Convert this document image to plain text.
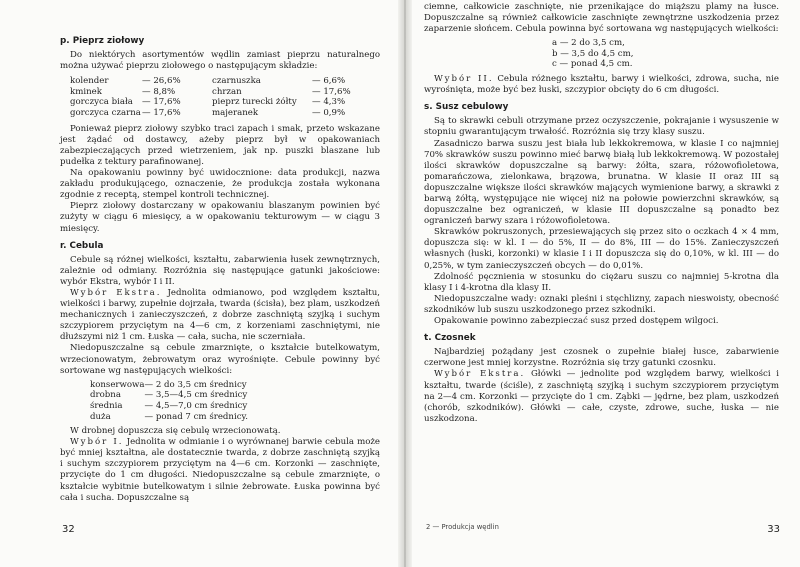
p. Pieprz ziołowy

Do niektórych asortymentów wędlin zamiast pieprzu naturalnego można używać pieprzu ziołowego o następującym składzie:

kolender	— 26,6%	czarnuszka	— 6,6%
kminek	— 8,8%	chrzan	— 17,6%
gorczyca biała	— 17,6%	pieprz turecki żółty	— 4,3%
gorczyca czarna	— 17,6%	majeranek	— 0,9%

Ponieważ pieprz ziołowy szybko traci zapach i smak, przeto wskazane jest żądać od dostawcy, ażeby pieprz był w opakowaniach zabezpieczających przed wietrzeniem, jak np. puszki blaszane lub pudełka z tektury parafinowanej.

Na opakowaniu powinny być uwidocznione: data produkcji, nazwa zakładu produkującego, oznaczenie, że produkcja została wykonana zgodnie z receptą, stempel kontroli technicznej.

Pieprz ziołowy dostarczany w opakowaniu blaszanym powinien być zużyty w ciągu 6 miesięcy, a w opakowaniu tekturowym — w ciągu 3 miesięcy.

r. Cebula

Cebule są różnej wielkości, kształtu, zabarwienia łusek zewnętrznych, zależnie od odmiany. Rozróżnia się następujące gatunki jakościowe: wybór Ekstra, wybór I i II.

Wybór Ekstra. Jednolita odmianowo, pod względem kształtu, wielkości i barwy, zupełnie dojrzała, twarda (ścisła), bez plam, uszkodzeń mechanicznych i zanieczyszczeń, z dobrze zaschniętą szyjką i suchym szczypiorem przyciętym na 4—6 cm, z korzeniami zaschniętymi, nie dłuższymi niż 1 cm. Łuska — cała, sucha, nie sczerniała.

Niedopuszczalne są cebule zmarznięte, o kształcie butelkowatym, wrzecionowatym, żebrowatym oraz wyrośnięte. Cebule powinny być sortowane wg następujących wielkości:

konserwowa	— 2 do 3,5 cm średnicy
drobna	— 3,5—4,5 cm średnicy
średnia	— 4,5—7,0 cm średnicy
duża	— ponad 7 cm średnicy.

W drobnej dopuszcza się cebulę wrzecionowatą.

Wybór I. Jednolita w odmianie i o wyrównanej barwie cebula może być mniej kształtna, ale dostatecznie twarda, z dobrze zaschniętą szyjką i suchym szczypiorem przyciętym na 4—6 cm. Korzonki — zaschnięte, przycięte do 1 cm długości. Niedopuszczalne są cebule zmarznięte, o kształcie wybitnie butelkowatym i silnie żebrowate. Łuska powinna być cała i sucha. Dopuszczalne są

32

ciemne, całkowicie zaschnięte, nie przenikające do miąższu plamy na łusce. Dopuszczalne są również całkowicie zaschnięte zewnętrzne uszkodzenia przez zaparzenie słońcem. Cebula powinna być sortowana wg następujących wielkości:

a — 2 do 3,5 cm,
b — 3,5 do 4,5 cm,
c — ponad 4,5 cm.

Wybór II. Cebula różnego kształtu, barwy i wielkości, zdrowa, sucha, nie wyrośnięta, może być bez łuski, szczypior obcięty do 6 cm długości.

s. Susz cebulowy

Są to skrawki cebuli otrzymane przez oczyszczenie, pokrajanie i wysuszenie w stopniu gwarantującym trwałość. Rozróżnia się trzy klasy suszu.

Zasadniczo barwa suszu jest biała lub lekkokremowa, w klasie I co najmniej 70% skrawków suszu powinno mieć barwę białą lub lekkokremową. W pozostałej ilości skrawków dopuszczalne są barwy: żółta, szara, różowofioletowa, pomarańczowa, zielonkawa, brązowa, brunatna. W klasie II oraz III są dopuszczalne większe ilości skrawków mających wymienione barwy, a skrawki z barwą żółtą, występujące nie więcej niż na połowie powierzchni skrawków, są dopuszczalne bez ograniczeń, w klasie III dopuszczalne są ponadto bez ograniczeń barwy szara i różowofioletowa.

Skrawków pokruszonych, przesiewających się przez sito o oczkach 4 × 4 mm, dopuszcza się: w kl. I — do 5%, II — do 8%, III — do 15%. Zanieczyszczeń własnych (łuski, korzonki) w klasie I i II dopuszcza się do 0,10%, w kl. III — do 0,25%, w tym zanieczyszczeń obcych — do 0,01%.

Zdolność pęcznienia w stosunku do ciężaru suszu co najmniej 5-krotna dla klasy I i 4-krotna dla klasy II.

Niedopuszczalne wady: oznaki pleśni i stęchlizny, zapach nieswoisty, obecność szkodników lub suszu uszkodzonego przez szkodniki.

Opakowanie powinno zabezpieczać susz przed dostępem wilgoci.

t. Czosnek

Najbardziej pożądany jest czosnek o zupełnie białej łusce, zabarwienie czerwone jest mniej korzystne. Rozróżnia się trzy gatunki czosnku.

Wybór Ekstra. Główki — jednolite pod względem barwy, wielkości i kształtu, twarde (ściśle), z zaschniętą szyjką i suchym szczypiorem przyciętym na 2—4 cm. Korzonki — przycięte do 1 cm. Ząbki — jędrne, bez plam, uszkodzeń (chorób, szkodników). Główki — całe, czyste, zdrowe, suche, łuska — nie uszkodzona.

2 — Produkcja wędlin	33
